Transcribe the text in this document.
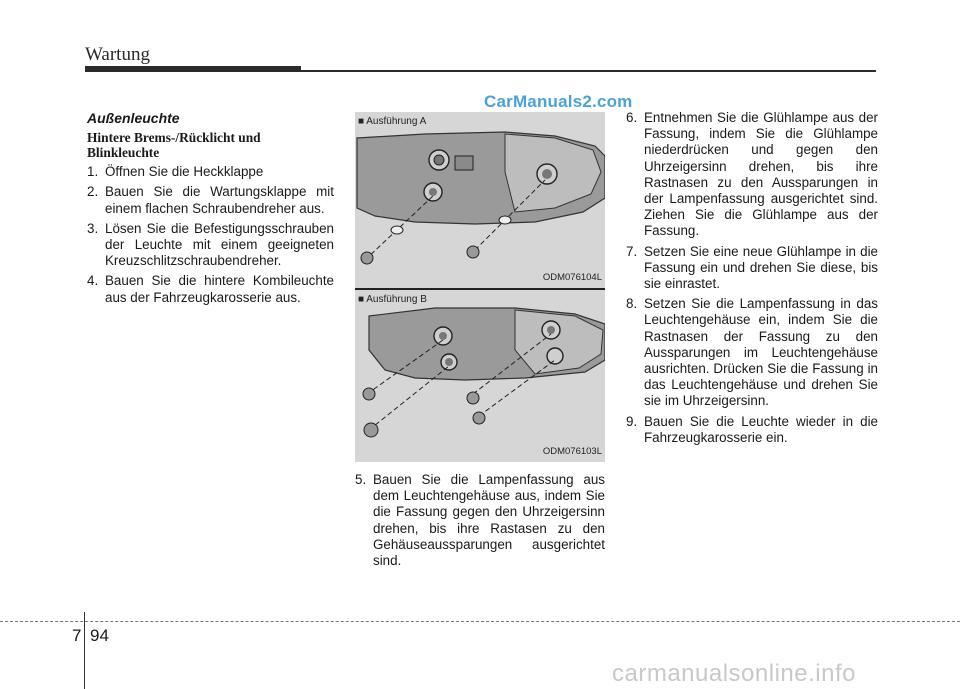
Wartung
CarManuals2.com
Außenleuchte
Hintere Brems-/Rücklicht und Blinkleuchte
1. Öffnen Sie die Heckklappe
2. Bauen Sie die Wartungsklappe mit einem flachen Schraubendreher aus.
3. Lösen Sie die Befestigungsschrauben der Leuchte mit einem geeigneten Kreuzschlitzschraubendreher.
4. Bauen Sie die hintere Kombileuchte aus der Fahrzeugkarosserie aus.
■ Ausführung A
ODM076104L
■ Ausführung B
ODM076103L
5. Bauen Sie die Lampenfassung aus dem Leuchtengehäuse aus, indem Sie die Fassung gegen den Uhrzeigersinn drehen, bis ihre Rastasen zu den Gehäuseaussparungen ausgerichtet sind.
6. Entnehmen Sie die Glühlampe aus der Fassung, indem Sie die Glühlampe niederdrücken und gegen den Uhrzeigersinn drehen, bis ihre Rastnasen zu den Aussparungen in der Lampenfassung ausgerichtet sind. Ziehen Sie die Glühlampe aus der Fassung.
7. Setzen Sie eine neue Glühlampe in die Fassung ein und drehen Sie diese, bis sie einrastet.
8. Setzen Sie die Lampenfassung in das Leuchtengehäuse ein, indem Sie die Rastnasen der Fassung zu den Aussparungen im Leuchtengehäuse ausrichten. Drücken Sie die Fassung in das Leuchtengehäuse und drehen Sie sie im Uhrzeigersinn.
9. Bauen Sie die Leuchte wieder in die Fahrzeugkarosserie ein.
7 94
carmanualsonline.info
